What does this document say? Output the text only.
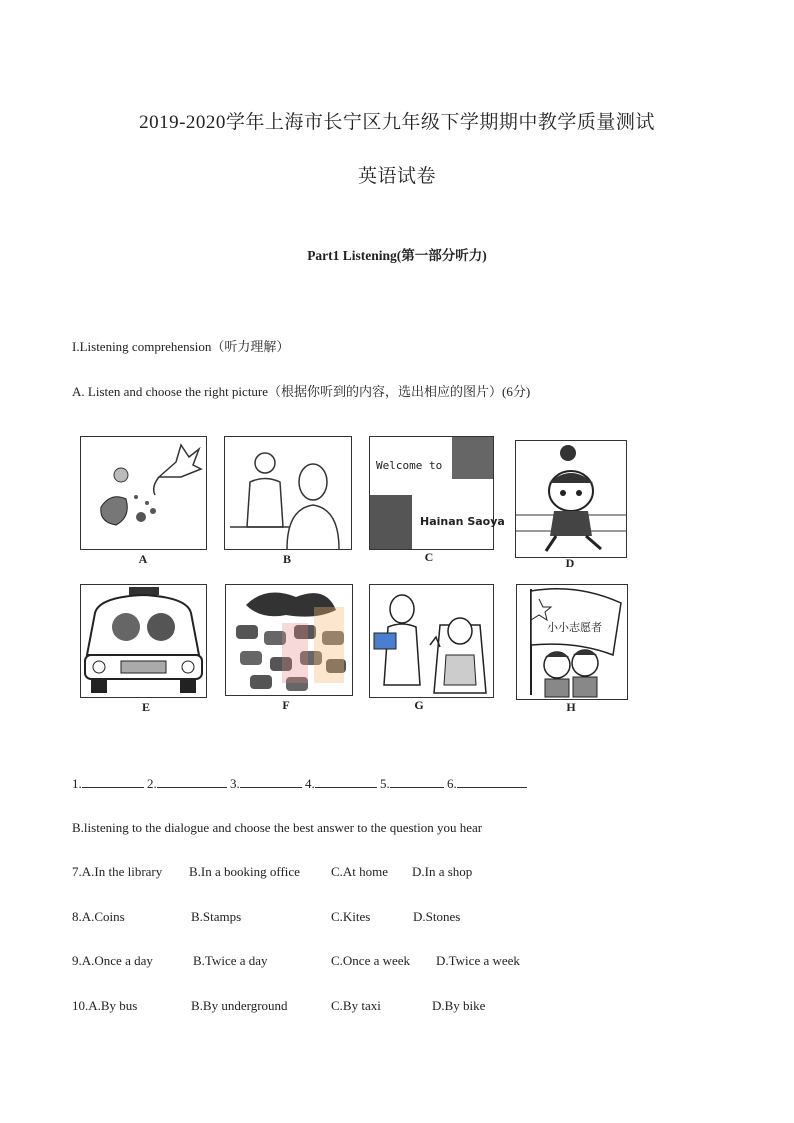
2019-2020学年上海市长宁区九年级下学期期中教学质量测试
英语试卷
Part1 Listening(第一部分听力)
I.Listening comprehension（听力理解）
A. Listen and choose the right picture（根据你听到的内容，选出相应的图片）(6分)
A	B
Welcome to
Hainan Saoya
C	D
E	F	G
小小志愿者
H
1.	2.	3.	4.	5.	6.
B.listening to the dialogue and choose the best answer to the question you hear
7.A.In the library B.In a booking office C.At home D.In a shop
8.A.Coins	B.Stamps	C.Kites	D.Stones
9.A.Once a day	B.Twice a day	C.Once a week D.Twice a week
10.A.By bus	B.By underground	C.By taxi	D.By bike
